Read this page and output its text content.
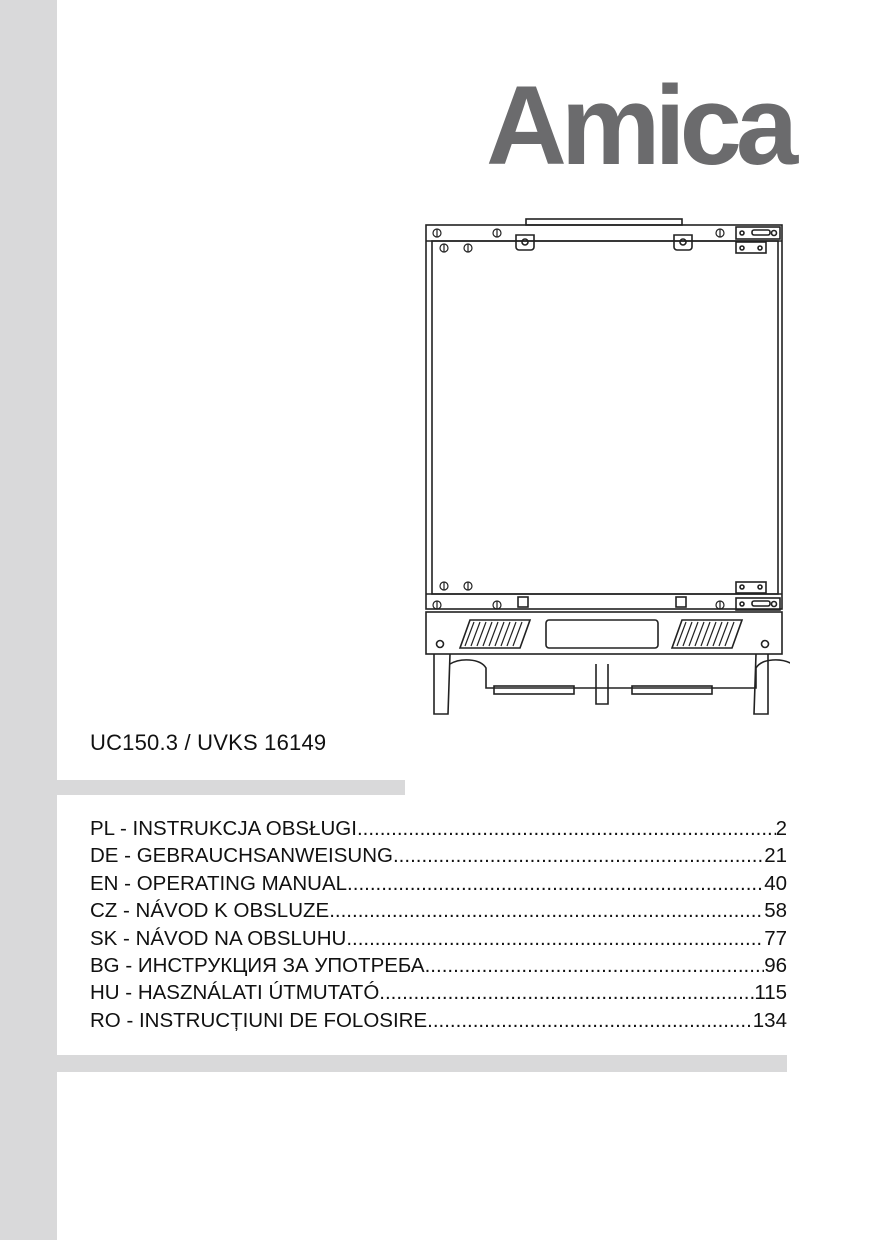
Amica
UC150.3 / UVKS 16149
PL - INSTRUKCJA OBSŁUGI .....	2
DE - GEBRAUCHSANWEISUNG .....	21
EN - OPERATING MANUAL .....	40
CZ - NÁVOD K OBSLUZE .....	58
SK - NÁVOD NA OBSLUHU .....	77
BG - ИНСТРУКЦИЯ ЗА УПОТРЕБА .....	96
HU - HASZNÁLATI ÚTMUTATÓ .....	115
RO - INSTRUCȚIUNI DE FOLOSIRE .....	134
